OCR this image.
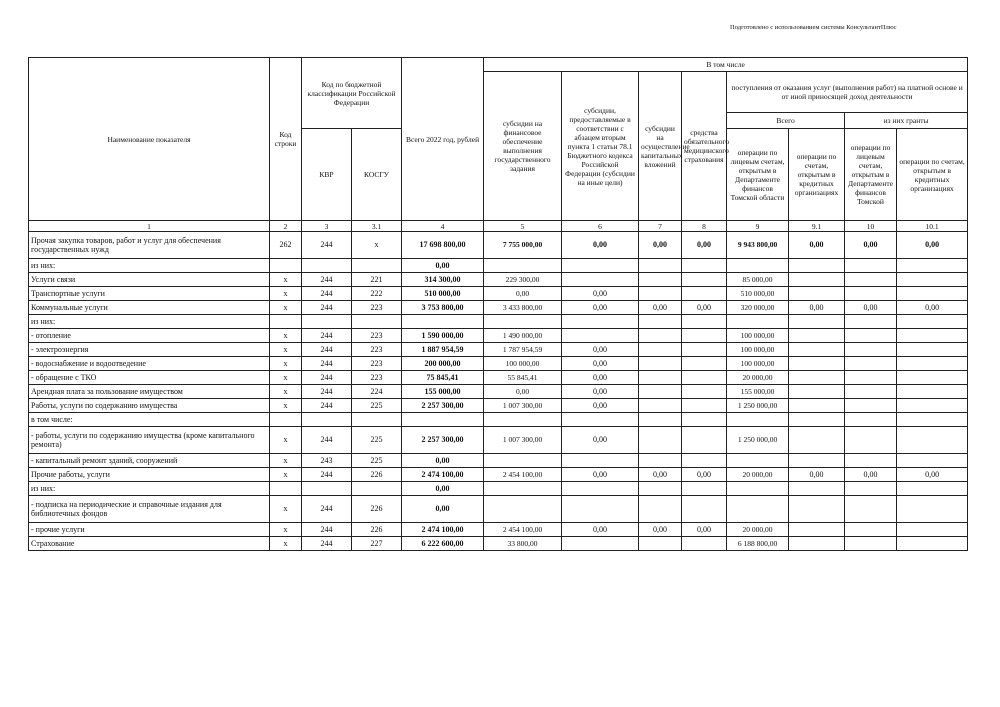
Подготовлено с использованием системы КонсультантПлюс
Наименование показателя	Код строки	Код по бюджетной классификации Российской Федерации		Всего 2022 год, рублей	В том числе							
					субсидии на финансовое обеспечение выполнения государственного задания	субсидии, предоставляемые в соответствии с абзацем вторым пункта 1 статьи 78.1 Бюджетного кодекса Российской Федерации (субсидии на иные цели)	субсидии на осуществление капитальных вложений	средства обязательного медицинского страхования	поступления от оказания услуг (выполнения работ) на платной основе и от иной приносящей доход деятельности			
									Всего		из них гранты	
		КВР	КОСГУ						операции по лицевым счетам, открытым в Департаменте финансов Томской области	операции по счетам, открытым в кредитных организациях	операции по лицевым счетам, открытым в Департаменте финансов Томской	операции по счетам, открытым в кредитных организациях
1	2	3	3.1	4	5	6	7	8	9	9.1	10	10.1
Прочая закупка товаров, работ и услуг для обеспечения государственных нужд	262	244	x	17 698 800,00	7 755 000,00	0,00	0,00	0,00	9 943 800,00	0,00	0,00	0,00
из них:				0,00								
Услуги связи	x	244	221	314 300,00	229 300,00				85 000,00			
Транспортные услуги	x	244	222	510 000,00	0,00	0,00			510 000,00			
Коммунальные услуги	x	244	223	3 753 800,00	3 433 800,00	0,00	0,00	0,00	320 000,00	0,00	0,00	0,00
из них:												
- отопление	x	244	223	1 590 000,00	1 490 000,00				100 000,00			
- электроэнергия	x	244	223	1 887 954,59	1 787 954,59	0,00			100 000,00			
- водоснабжение и водоотведение	x	244	223	200 000,00	100 000,00	0,00			100 000,00			
- обращение с ТКО	x	244	223	75 845,41	55 845,41	0,00			20 000,00			
Арендная плата за пользование имуществом	x	244	224	155 000,00	0,00	0,00			155 000,00			
Работы, услуги по содержанию имущества	x	244	225	2 257 300,00	1 007 300,00	0,00			1 250 000,00			
в том числе:												
- работы, услуги по содержанию имущества (кроме капитального ремонта)	x	244	225	2 257 300,00	1 007 300,00	0,00			1 250 000,00			
- капитальный ремонт зданий, сооружений	x	243	225	0,00								
Прочие работы, услуги	x	244	226	2 474 100,00	2 454 100,00	0,00	0,00	0,00	20 000,00	0,00	0,00	0,00
из них:				0,00								
- подписка на периодические и справочные издания для библиотечных фондов	x	244	226	0,00								
- прочие услуги	x	244	226	2 474 100,00	2 454 100,00	0,00	0,00	0,00	20 000,00			
Страхование	x	244	227	6 222 600,00	33 800,00				6 188 800,00			
